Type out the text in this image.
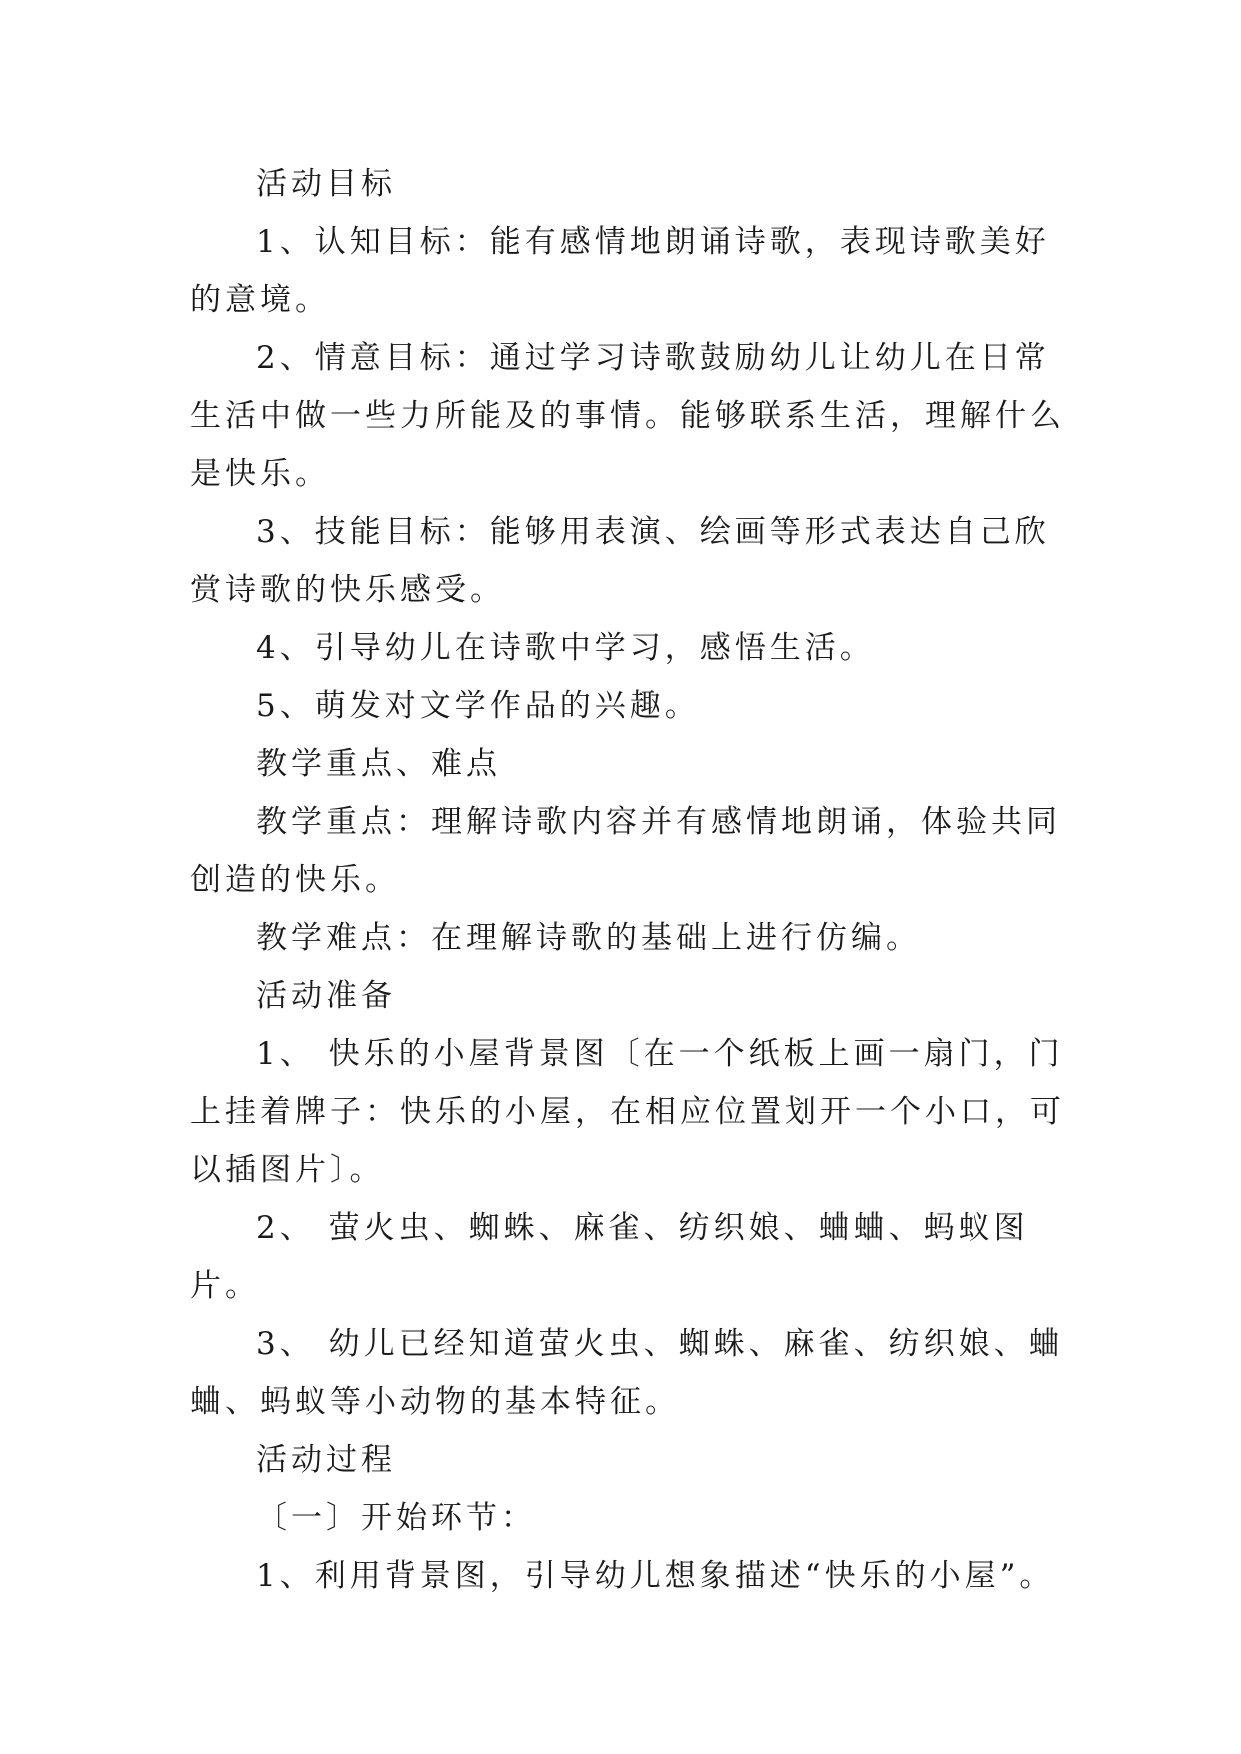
活动目标

1、认知目标：能有感情地朗诵诗歌，表现诗歌美好的意境。

2、情意目标：通过学习诗歌鼓励幼儿让幼儿在日常生活中做一些力所能及的事情。能够联系生活，理解什么是快乐。

3、技能目标：能够用表演、绘画等形式表达自己欣赏诗歌的快乐感受。

4、引导幼儿在诗歌中学习，感悟生活。

5、萌发对文学作品的兴趣。

教学重点、难点

教学重点：理解诗歌内容并有感情地朗诵，体验共同创造的快乐。

教学难点：在理解诗歌的基础上进行仿编。

活动准备

1、 快乐的小屋背景图〔在一个纸板上画一扇门，门上挂着牌子：快乐的小屋，在相应位置划开一个小口，可以插图片〕。

2、 萤火虫、蜘蛛、麻雀、纺织娘、蛐蛐、蚂蚁图片。

3、 幼儿已经知道萤火虫、蜘蛛、麻雀、纺织娘、蛐蛐、蚂蚁等小动物的基本特征。

活动过程

〔一〕开始环节：

1、利用背景图，引导幼儿想象描述“快乐的小屋”。
